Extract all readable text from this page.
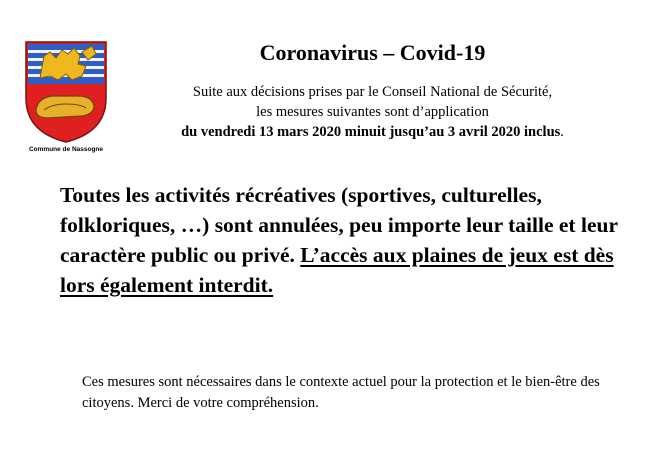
Commune de Nassogne
Coronavirus – Covid-19
Suite aux décisions prises par le Conseil National de Sécurité,
les mesures suivantes sont d’application
du vendredi 13 mars 2020 minuit jusqu’au 3 avril 2020 inclus.
Toutes les activités récréatives (sportives, culturelles, folkloriques, …) sont annulées, peu importe leur taille et leur caractère public ou privé. L’accès aux plaines de jeux est dès lors également interdit.
Ces mesures sont nécessaires dans le contexte actuel pour la protection et le bien-être des citoyens. Merci de votre compréhension.
